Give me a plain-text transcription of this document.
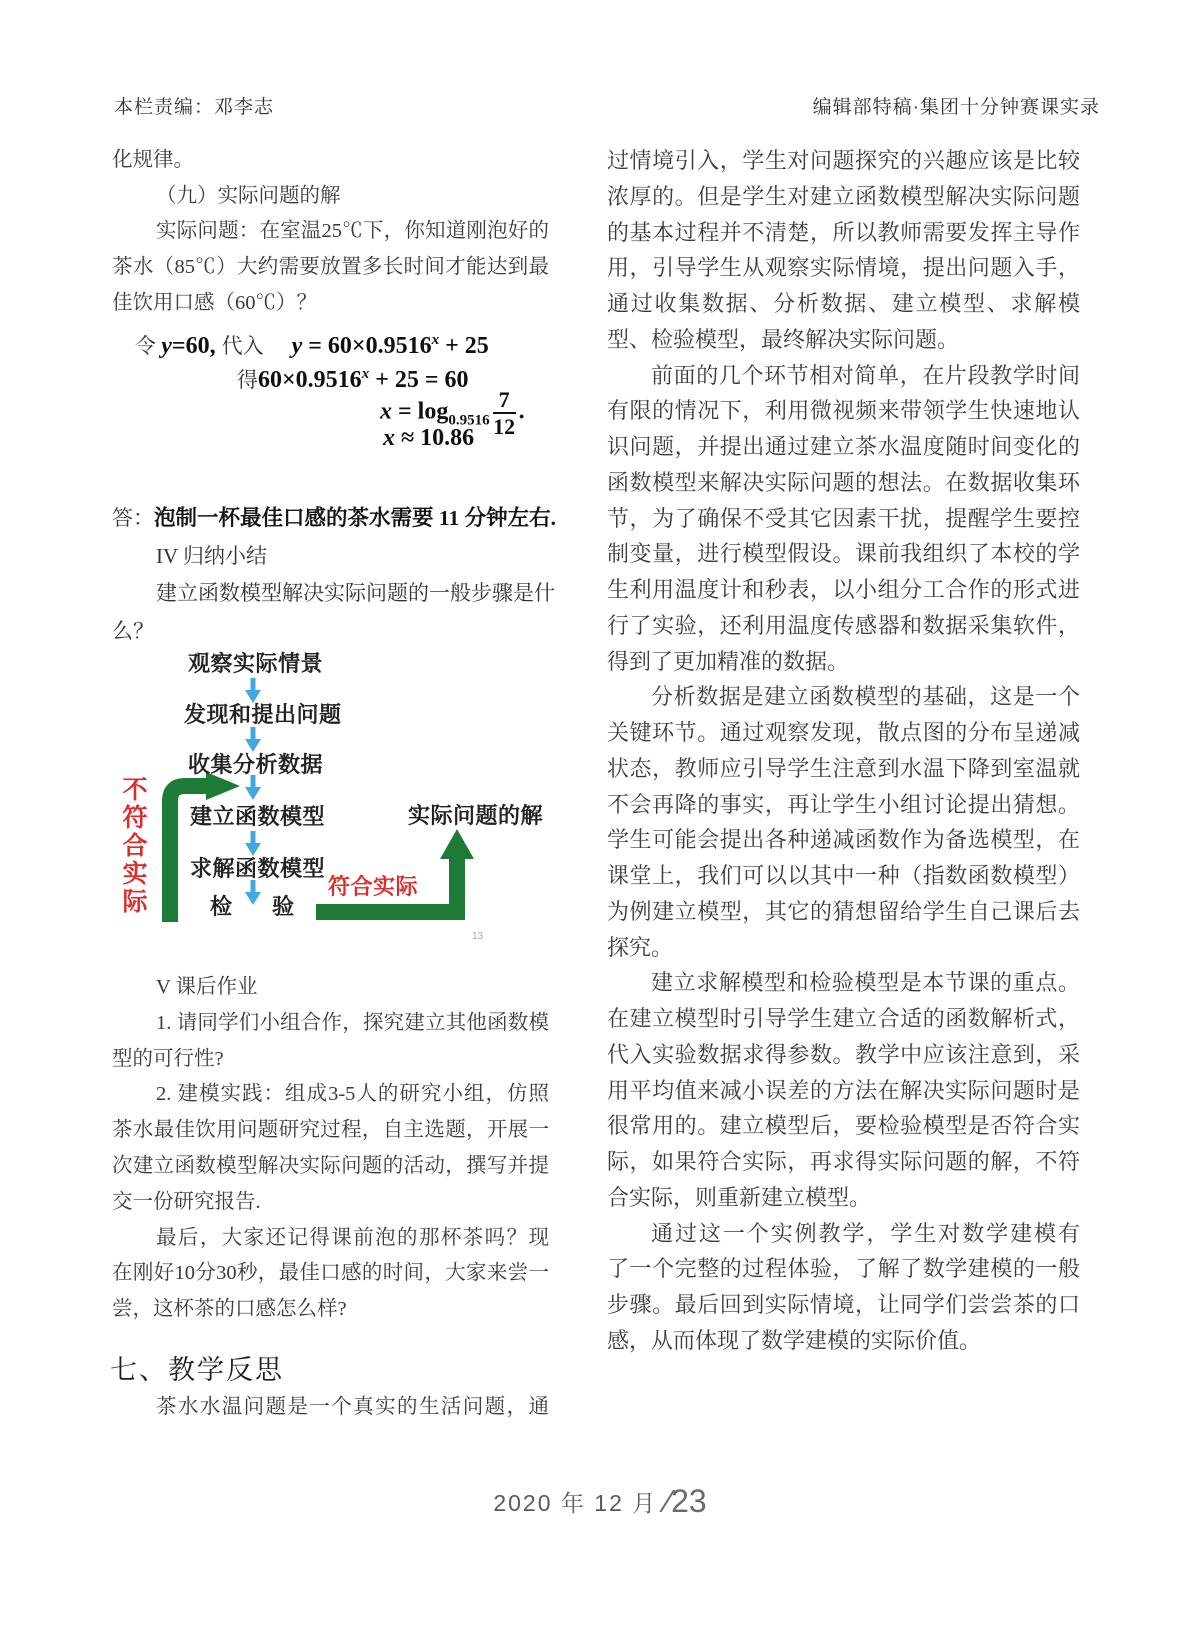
本栏责编：邓李志	编辑部特稿·集团十分钟赛课实录
化规律。
（九）实际问题的解
实际问题：在室温25℃下，你知道刚泡好的
茶水（85℃）大约需要放置多长时间才能达到最
佳饮用口感（60℃）？
令 y=60, 代入 $y = 60\times 0.9516^x + 25$
得$60\times 0.9516^x + 25 = 60$
$x = \log_{0.9516} \frac{7}{12}$ .
x ≈ 10.86
答：泡制一杯最佳口感的茶水需要 11 分钟左右.
IV 归纳小结
建立函数模型解决实际问题的一般步骤是什
么？
观察实际情景
发现和提出问题
收集分析数据
建立函数模型
求解函数模型
检 验
实际问题的解
符合实际
不符合实际
13
V 课后作业
1. 请同学们小组合作，探究建立其他函数模
型的可行性?
2. 建模实践：组成3-5人的研究小组，仿照
茶水最佳饮用问题研究过程，自主选题，开展一
次建立函数模型解决实际问题的活动，撰写并提
交一份研究报告.
最后，大家还记得课前泡的那杯茶吗？现
在刚好10分30秒，最佳口感的时间，大家来尝一
尝，这杯茶的口感怎么样?
七、教学反思
茶水水温问题是一个真实的生活问题，通
过情境引入，学生对问题探究的兴趣应该是比较
浓厚的。但是学生对建立函数模型解决实际问题
的基本过程并不清楚，所以教师需要发挥主导作
用，引导学生从观察实际情境，提出问题入手，
通过收集数据、分析数据、建立模型、求解模
型、检验模型，最终解决实际问题。
前面的几个环节相对简单，在片段教学时间
有限的情况下，利用微视频来带领学生快速地认
识问题，并提出通过建立茶水温度随时间变化的
函数模型来解决实际问题的想法。在数据收集环
节，为了确保不受其它因素干扰，提醒学生要控
制变量，进行模型假设。课前我组织了本校的学
生利用温度计和秒表，以小组分工合作的形式进
行了实验，还利用温度传感器和数据采集软件，
得到了更加精准的数据。
分析数据是建立函数模型的基础，这是一个
关键环节。通过观察发现，散点图的分布呈递减
状态，教师应引导学生注意到水温下降到室温就
不会再降的事实，再让学生小组讨论提出猜想。
学生可能会提出各种递减函数作为备选模型，在
课堂上，我们可以以其中一种（指数函数模型）
为例建立模型，其它的猜想留给学生自己课后去
探究。
建立求解模型和检验模型是本节课的重点。
在建立模型时引导学生建立合适的函数解析式，
代入实验数据求得参数。教学中应该注意到，采
用平均值来减小误差的方法在解决实际问题时是
很常用的。建立模型后，要检验模型是否符合实
际，如果符合实际，再求得实际问题的解，不符
合实际，则重新建立模型。
通过这一个实例教学，学生对数学建模有
了一个完整的过程体验，了解了数学建模的一般
步骤。最后回到实际情境，让同学们尝尝茶的口
感，从而体现了数学建模的实际价值。
2020 年 12 月 ∕23
